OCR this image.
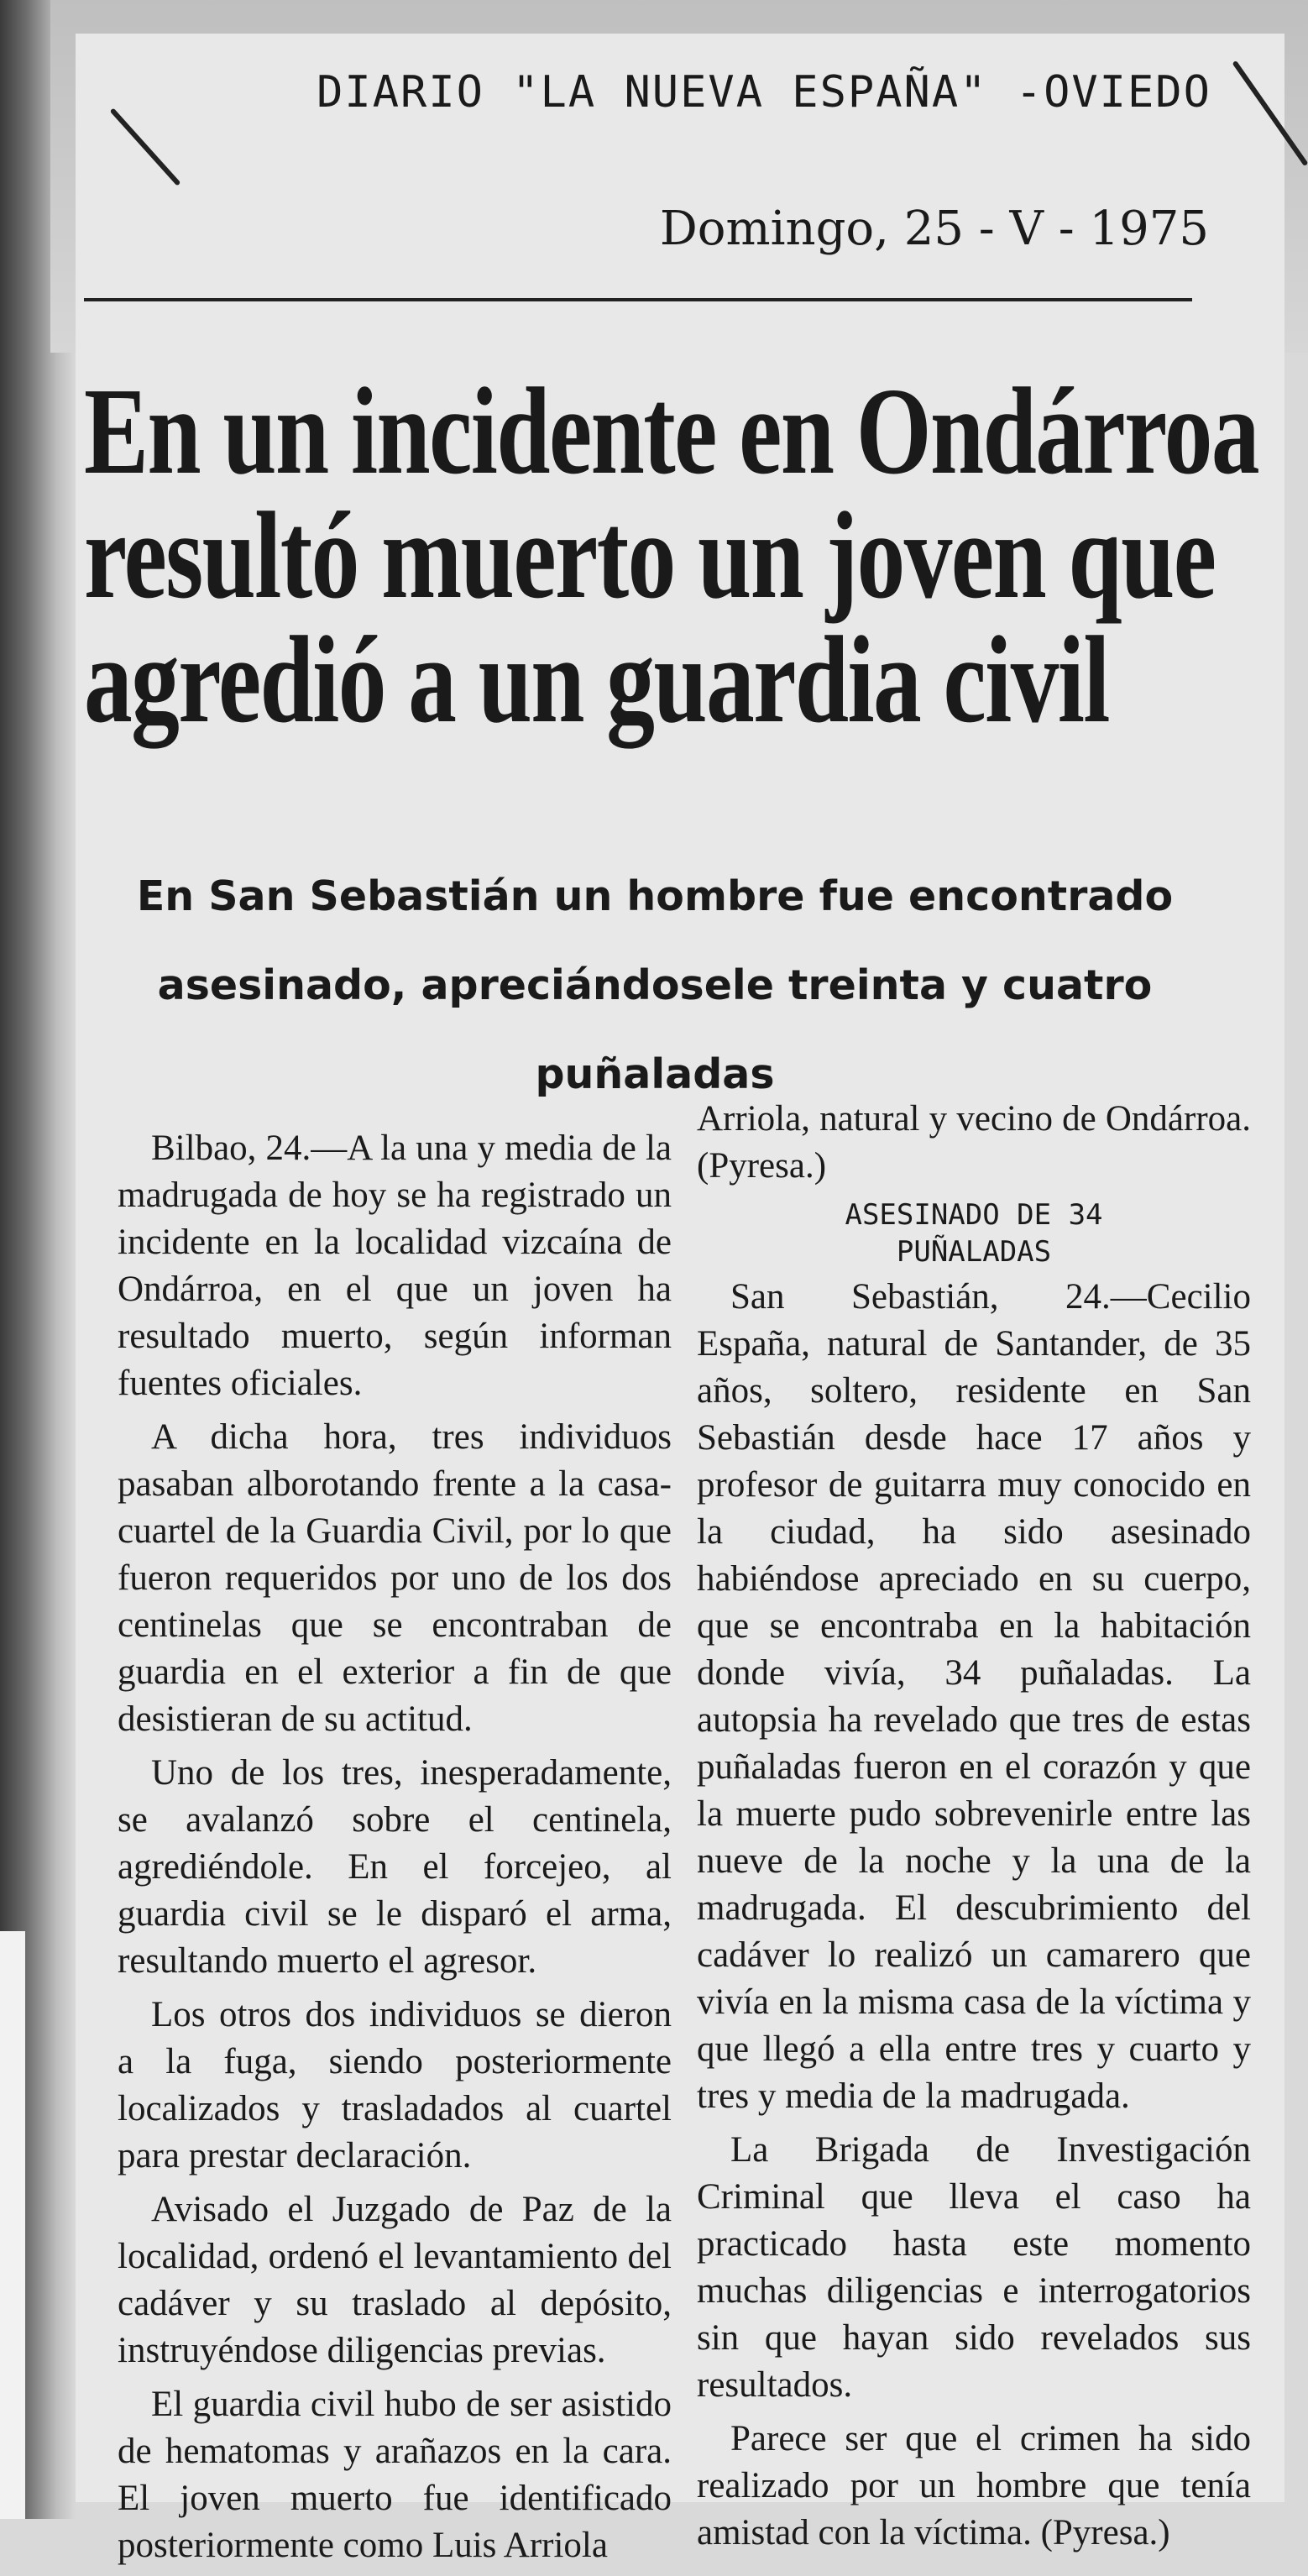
DIARIO "LA NUEVA ESPAÑA" -OVIEDO
Domingo, 25 - V - 1975
En un incidente en Ondárroa
resultó muerto un joven que
agredió a un guardia civil
En San Sebastián un hombre fue encontrado
asesinado, apreciándosele treinta y cuatro
puñaladas

Bilbao, 24.—A la una y media de la madrugada de hoy se ha registrado un incidente en la localidad vizcaína de Ondárroa, en el que un joven ha resultado muerto, según informan fuentes oficiales.

A dicha hora, tres individuos pasaban alborotando frente a la casa-cuartel de la Guardia Civil, por lo que fueron requeridos por uno de los dos centinelas que se encontraban de guardia en el exterior a fin de que desistieran de su actitud.

Uno de los tres, inesperadamente, se avalanzó sobre el centinela, agrediéndole. En el forcejeo, al guardia civil se le disparó el arma, resultando muerto el agresor.

Los otros dos individuos se dieron a la fuga, siendo posteriormente localizados y trasladados al cuartel para prestar declaración.

Avisado el Juzgado de Paz de la localidad, ordenó el levantamiento del cadáver y su traslado al depósito, instruyéndose diligencias previas.

El guardia civil hubo de ser asistido de hematomas y arañazos en la cara. El joven muerto fue identificado posteriormente como Luis Arriola

Arriola, natural y vecino de Ondárroa. (Pyresa.)

ASESINADO DE 34
PUÑALADAS

San Sebastián, 24.—Cecilio España, natural de Santander, de 35 años, soltero, residente en San Sebastián desde hace 17 años y profesor de guitarra muy conocido en la ciudad, ha sido asesinado habiéndose apreciado en su cuerpo, que se encontraba en la habitación donde vivía, 34 puñaladas. La autopsia ha revelado que tres de estas puñaladas fueron en el corazón y que la muerte pudo sobrevenirle entre las nueve de la noche y la una de la madrugada. El descubrimiento del cadáver lo realizó un camarero que vivía en la misma casa de la víctima y que llegó a ella entre tres y cuarto y tres y media de la madrugada.

La Brigada de Investigación Criminal que lleva el caso ha practicado hasta este momento muchas diligencias e interrogatorios sin que hayan sido revelados sus resultados.

Parece ser que el crimen ha sido realizado por un hombre que tenía amistad con la víctima. (Pyresa.)
